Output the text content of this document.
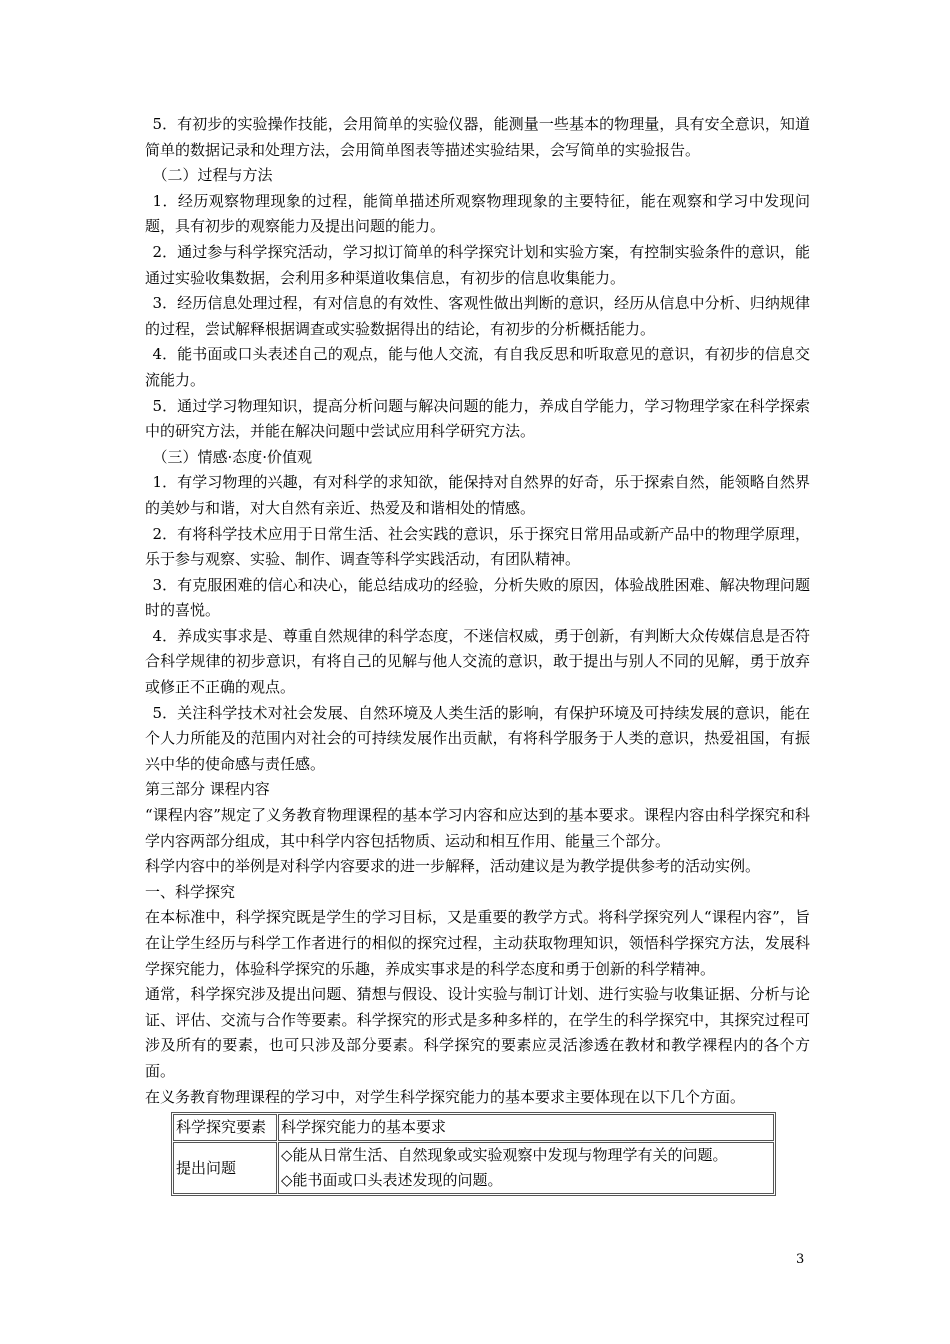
5．有初步的实验操作技能，会用简单的实验仪器，能测量一些基本的物理量，具有安全意识，知道简单的数据记录和处理方法，会用简单图表等描述实验结果，会写简单的实验报告。

（二）过程与方法

1．经历观察物理现象的过程，能简单描述所观察物理现象的主要特征，能在观察和学习中发现问题，具有初步的观察能力及提出问题的能力。

2．通过参与科学探究活动，学习拟订简单的科学探究计划和实验方案，有控制实验条件的意识，能通过实验收集数据，会利用多种渠道收集信息，有初步的信息收集能力。

3．经历信息处理过程，有对信息的有效性、客观性做出判断的意识，经历从信息中分析、归纳规律的过程，尝试解释根据调查或实验数据得出的结论，有初步的分析概括能力。

4．能书面或口头表述自己的观点，能与他人交流，有自我反思和听取意见的意识，有初步的信息交流能力。

5．通过学习物理知识，提高分析问题与解决问题的能力，养成自学能力，学习物理学家在科学探索中的研究方法，并能在解决问题中尝试应用科学研究方法。

（三）情感·态度·价值观

1．有学习物理的兴趣，有对科学的求知欲，能保持对自然界的好奇，乐于探索自然，能领略自然界的美妙与和谐，对大自然有亲近、热爱及和谐相处的情感。

2．有将科学技术应用于日常生活、社会实践的意识，乐于探究日常用品或新产品中的物理学原理，乐于参与观察、实验、制作、调查等科学实践活动，有团队精神。

3．有克服困难的信心和决心，能总结成功的经验，分析失败的原因，体验战胜困难、解决物理问题时的喜悦。

4．养成实事求是、尊重自然规律的科学态度，不迷信权威，勇于创新，有判断大众传媒信息是否符合科学规律的初步意识，有将自己的见解与他人交流的意识，敢于提出与别人不同的见解，勇于放弃或修正不正确的观点。

5．关注科学技术对社会发展、自然环境及人类生活的影响，有保护环境及可持续发展的意识，能在个人力所能及的范围内对社会的可持续发展作出贡献，有将科学服务于人类的意识，热爱祖国，有振兴中华的使命感与责任感。

第三部分 课程内容

“课程内容”规定了义务教育物理课程的基本学习内容和应达到的基本要求。课程内容由科学探究和科学内容两部分组成，其中科学内容包括物质、运动和相互作用、能量三个部分。

科学内容中的举例是对科学内容要求的进一步解释，活动建议是为教学提供参考的活动实例。

一、科学探究

在本标准中，科学探究既是学生的学习目标，又是重要的教学方式。将科学探究列人“课程内容”，旨在让学生经历与科学工作者进行的相似的探究过程，主动获取物理知识，领悟科学探究方法，发展科学探究能力，体验科学探究的乐趣，养成实事求是的科学态度和勇于创新的科学精神。

通常，科学探究涉及提出问题、猜想与假设、设计实验与制订计划、进行实验与收集证据、分析与论证、评估、交流与合作等要素。科学探究的形式是多种多样的，在学生的科学探究中，其探究过程可涉及所有的要素，也可只涉及部分要素。科学探究的要素应灵活渗透在教材和教学裸程内的各个方面。

在义务教育物理课程的学习中，对学生科学探究能力的基本要求主要体现在以下几个方面。

科学探究要素	科学探究能力的基本要求
提出问题	◇能从日常生活、自然现象或实验观察中发现与物理学有关的问题。
◇能书面或口头表述发现的问题。
3
